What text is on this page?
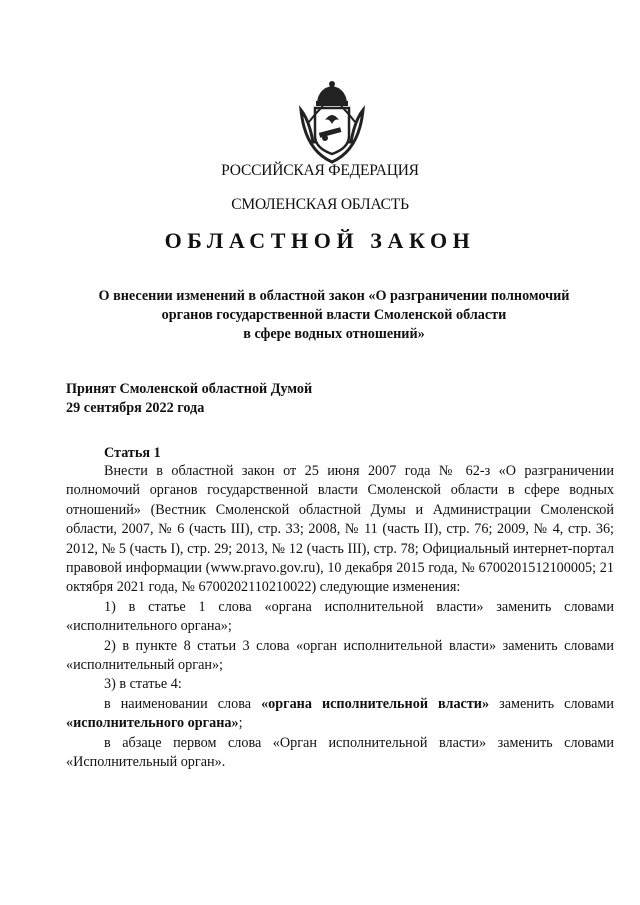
РОССИЙСКАЯ ФЕДЕРАЦИЯ
СМОЛЕНСКАЯ ОБЛАСТЬ
ОБЛАСТНОЙ ЗАКОН
О внесении изменений в областной закон «О разграничении полномочий
органов государственной власти Смоленской области
в сфере водных отношений»
Принят Смоленской областной Думой
29 сентября 2022 года
Статья 1

Внести в областной закон от 25 июня 2007 года № 62-з «О разграничении полномочий органов государственной власти Смоленской области в сфере водных отношений» (Вестник Смоленской областной Думы и Администрации Смоленской области, 2007, № 6 (часть III), стр. 33; 2008, № 11 (часть II), стр. 76; 2009, № 4, стр. 36; 2012, № 5 (часть I), стр. 29; 2013, № 12 (часть III), стр. 78; Официальный интернет-портал правовой информации (www.pravo.gov.ru), 10 декабря 2015 года, № 6700201512100005; 21 октября 2021 года, № 6700202110210022) следующие изменения:

1) в статье 1 слова «органа исполнительной власти» заменить словами «исполнительного органа»;

2) в пункте 8 статьи 3 слова «орган исполнительной власти» заменить словами «исполнительный орган»;

3) в статье 4:

в наименовании слова «органа исполнительной власти» заменить словами «исполнительного органа»;

в абзаце первом слова «Орган исполнительной власти» заменить словами «Исполнительный орган».
